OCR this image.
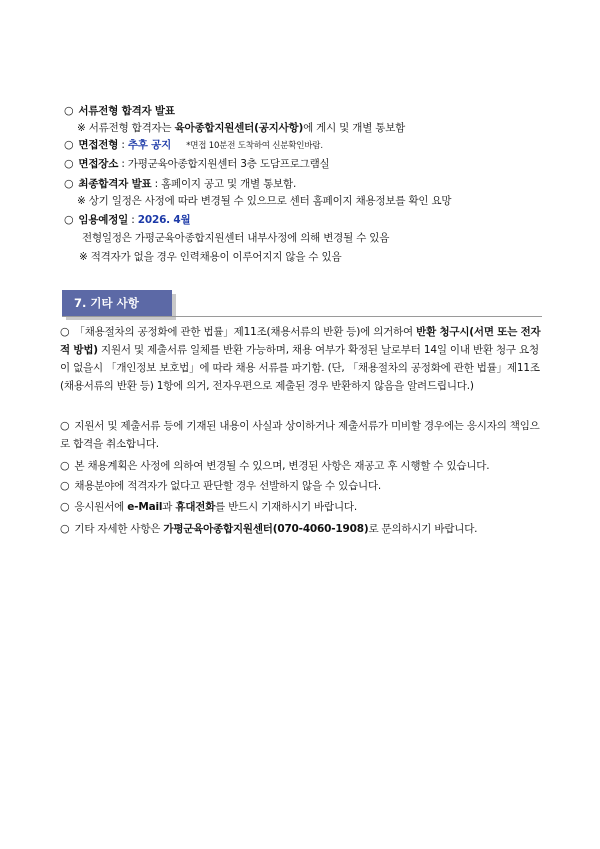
○ 서류전형 합격자 발표
※ 서류전형 합격자는 육아종합지원센터(공지사항)에 게시 및 개별 통보함
○ 면접전형 : 추후 공지 *면접 10분전 도착하여 신분확인바람.
○ 면접장소 : 가평군육아종합지원센터 3층 도담프로그램실
○ 최종합격자 발표 : 홈페이지 공고 및 개별 통보함.
※ 상기 일정은 사정에 따라 변경될 수 있으므로 센터 홈페이지 채용정보를 확인 요망
○ 임용예정일 : 2026. 4월
전형일정은 가평군육아종합지원센터 내부사정에 의해 변경될 수 있음
※ 적격자가 없을 경우 인력채용이 이루어지지 않을 수 있음
7. 기타 사항
○ 「채용절차의 공정화에 관한 법률」제11조(채용서류의 반환 등)에 의거하여 반환 청구시(서면 또는 전자적 방법) 지원서 및 제출서류 일체를 반환 가능하며, 채용 여부가 확정된 날로부터 14일 이내 반환 청구 요청이 없을시 「개인정보 보호법」에 따라 채용 서류를 파기함. (단, 「채용절차의 공정화에 관한 법률」제11조(채용서류의 반환 등) 1항에 의거, 전자우편으로 제출된 경우 반환하지 않음을 알려드립니다.)
○ 지원서 및 제출서류 등에 기재된 내용이 사실과 상이하거나 제출서류가 미비할 경우에는 응시자의 책임으로 합격을 취소합니다.
○ 본 채용계획은 사정에 의하여 변경될 수 있으며, 변경된 사항은 재공고 후 시행할 수 있습니다.
○ 채용분야에 적격자가 없다고 판단할 경우 선발하지 않을 수 있습니다.
○ 응시원서에 e-Mail과 휴대전화를 반드시 기재하시기 바랍니다.
○ 기타 자세한 사항은 가평군육아종합지원센터(070-4060-1908)로 문의하시기 바랍니다.
